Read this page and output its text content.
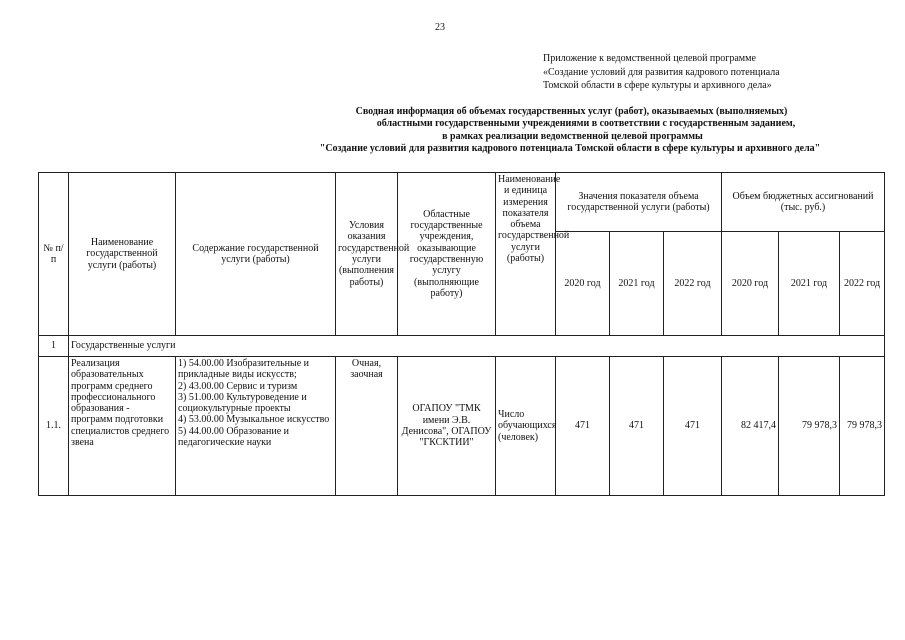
23
Приложение к ведомственной целевой программе
«Создание условий для развития кадрового потенциала
Томской области в сфере культуры и архивного дела»
Сводная информация об объемах государственных услуг (работ), оказываемых (выполняемых)
областными государственными учреждениями в соответствии с государственным заданием,
в рамках реализации ведомственной целевой программы
"Создание условий для развития кадрового потенциала Томской области в сфере культуры и архивного дела"
№ п/п	Наименование государственной услуги (работы)	Содержание государственной услуги (работы)	Условия оказания государственной услуги (выполнения работы)	Областные государственные учреждения, оказывающие государственную услугу (выполняющие работу)	Наименование и единица измерения показателя объема государственной услуги (работы)	Значения показателя объема государственной услуги (работы)			Объем бюджетных ассигнований
(тыс. руб.)		

						2020 год	2021 год	2022 год	2020 год	2021 год	2022 год
1	Государственные услуги										
1.1.	Реализация образовательных программ среднего профессионального образования - программ подготовки специалистов среднего звена	1) 54.00.00 Изобразительные и прикладные виды искусств;
2) 43.00.00 Сервис и туризм
3) 51.00.00 Культуроведение и социокультурные проекты
4) 53.00.00 Музыкальное искусство
5) 44.00.00 Образование и педагогические науки	Очная, заочная	ОГАПОУ "ТМК имени Э.В. Денисова", ОГАПОУ "ГКСКТИИ"	Число обучающихся (человек)	471	471	471	82 417,4	79 978,3	79 978,3
